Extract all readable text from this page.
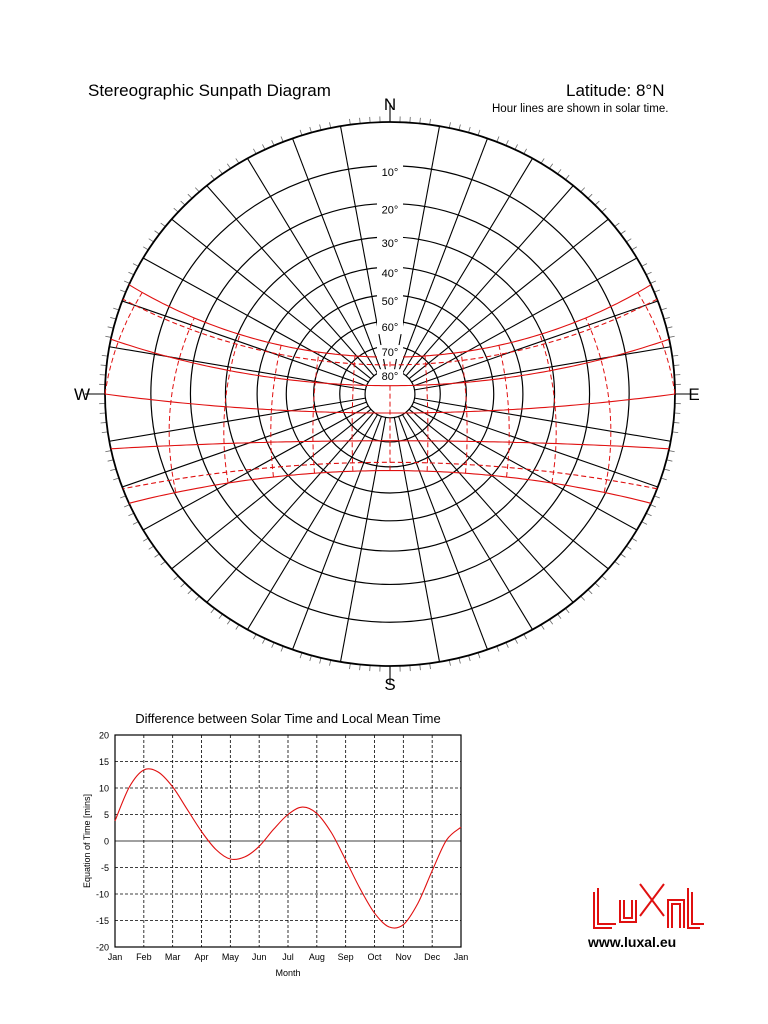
Stereographic Sunpath Diagram	Latitude: 8°N
Hour lines are shown in solar time.
10°
20°
30°
40°
50°
60°
70°
80°
N
S
W	E
Difference between Solar Time and Local Mean Time
20
15
10
5
0
-5
-10
-15
-20
Jan Feb Mar Apr May Jun Jul Aug Sep Oct Nov Dec Jan
Month
Equation of Time [mins]
www.luxal.eu
